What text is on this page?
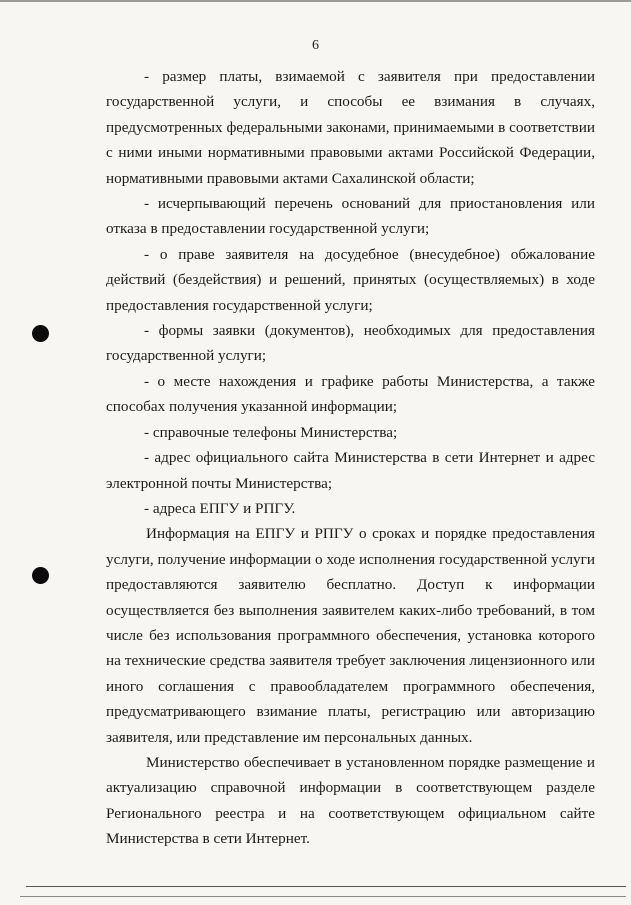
6

- размер платы, взимаемой с заявителя при предоставлении государственной услуги, и способы ее взимания в случаях, предусмотренных федеральными законами, принимаемыми в соответствии с ними иными нормативными правовыми актами Российской Федерации, нормативными правовыми актами Сахалинской области;

- исчерпывающий перечень оснований для приостановления или отказа в предоставлении государственной услуги;

- о праве заявителя на досудебное (внесудебное) обжалование действий (бездействия) и решений, принятых (осуществляемых) в ходе предоставления государственной услуги;

- формы заявки (документов), необходимых для предоставления государственной услуги;

- о месте нахождения и графике работы Министерства, а также способах получения указанной информации;

- справочные телефоны Министерства;

- адрес официального сайта Министерства в сети Интернет и адрес электронной почты Министерства;

- адреса ЕПГУ и РПГУ.

Информация на ЕПГУ и РПГУ о сроках и порядке предоставления услуги, получение информации о ходе исполнения государственной услуги предоставляются заявителю бесплатно. Доступ к информации осуществляется без выполнения заявителем каких-либо требований, в том числе без использования программного обеспечения, установка которого на технические средства заявителя требует заключения лицензионного или иного соглашения с правообладателем программного обеспечения, предусматривающего взимание платы, регистрацию или авторизацию заявителя, или представление им персональных данных.

Министерство обеспечивает в установленном порядке размещение и актуализацию справочной информации в соответствующем разделе Регионального реестра и на соответствующем официальном сайте Министерства в сети Интернет.
